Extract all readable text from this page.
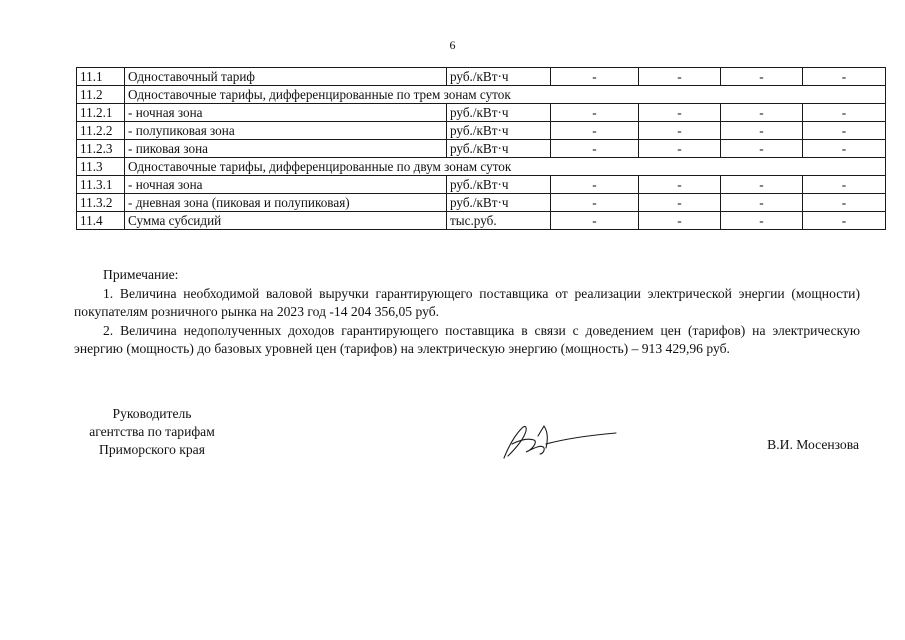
6
11.1	Одноставочный тариф	руб./кВт·ч	-	-	-	-
11.2	Одноставочные тарифы, дифференцированные по трем зонам суток					
11.2.1	- ночная зона	руб./кВт·ч	-	-	-	-
11.2.2	- полупиковая зона	руб./кВт·ч	-	-	-	-
11.2.3	- пиковая зона	руб./кВт·ч	-	-	-	-
11.3	Одноставочные тарифы, дифференцированные по двум зонам суток					
11.3.1	- ночная зона	руб./кВт·ч	-	-	-	-
11.3.2	- дневная зона (пиковая и полупиковая)	руб./кВт·ч	-	-	-	-
11.4	Сумма субсидий	тыс.руб.	-	-	-	-
Примечание:

1. Величина необходимой валовой выручки гарантирующего поставщика от реализации электрической энергии (мощности) покупателям розничного рынка на 2023 год -14 204 356,05 руб.

2. Величина недополученных доходов гарантирующего поставщика в связи с доведением цен (тарифов) на электрическую энергию (мощность) до базовых уровней цен (тарифов) на электрическую энергию (мощность) – 913 429,96 руб.

Руководитель
агентства по тарифам
Приморского края	В.И. Мосензова
